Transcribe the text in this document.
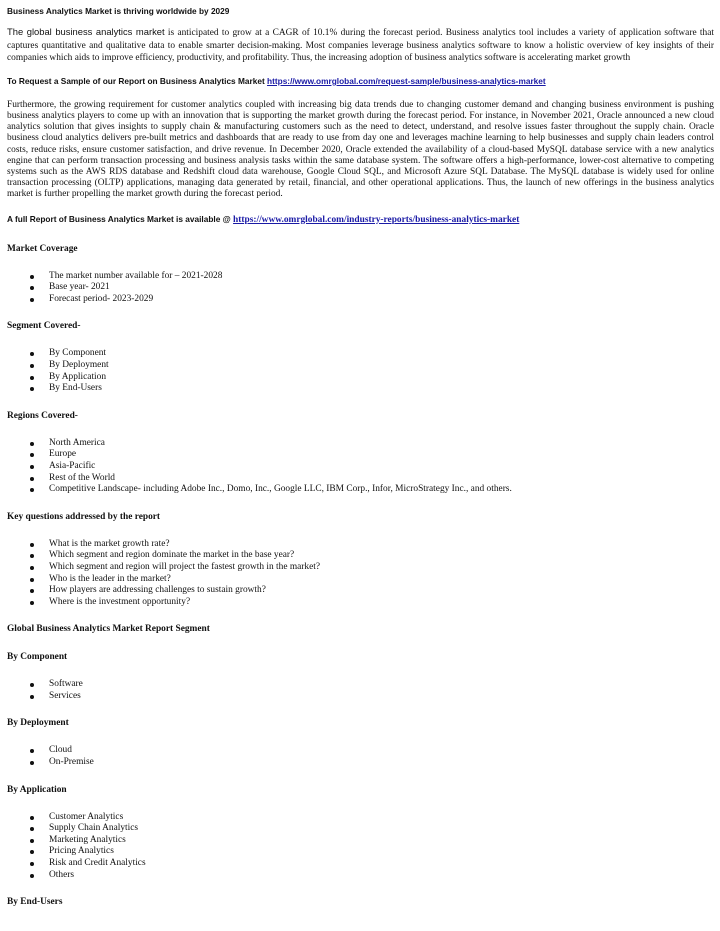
Business Analytics Market is thriving worldwide by 2029

The global business analytics market is anticipated to grow at a CAGR of 10.1% during the forecast period. Business analytics tool includes a variety of application software that captures quantitative and qualitative data to enable smarter decision-making. Most companies leverage business analytics software to know a holistic overview of key insights of their companies which aids to improve efficiency, productivity, and profitability. Thus, the increasing adoption of business analytics software is accelerating market growth

To Request a Sample of our Report on Business Analytics Market https://www.omrglobal.com/request-sample/business-analytics-market

Furthermore, the growing requirement for customer analytics coupled with increasing big data trends due to changing customer demand and changing business environment is pushing business analytics players to come up with an innovation that is supporting the market growth during the forecast period. For instance, in November 2021, Oracle announced a new cloud analytics solution that gives insights to supply chain & manufacturing customers such as the need to detect, understand, and resolve issues faster throughout the supply chain. Oracle business cloud analytics delivers pre-built metrics and dashboards that are ready to use from day one and leverages machine learning to help businesses and supply chain leaders control costs, reduce risks, ensure customer satisfaction, and drive revenue. In December 2020, Oracle extended the availability of a cloud-based MySQL database service with a new analytics engine that can perform transaction processing and business analysis tasks within the same database system. The software offers a high-performance, lower-cost alternative to competing systems such as the AWS RDS database and Redshift cloud data warehouse, Google Cloud SQL, and Microsoft Azure SQL Database. The MySQL database is widely used for online transaction processing (OLTP) applications, managing data generated by retail, financial, and other operational applications. Thus, the launch of new offerings in the business analytics market is further propelling the market growth during the forecast period.

A full Report of Business Analytics Market is available @ https://www.omrglobal.com/industry-reports/business-analytics-market

Market Coverage
The market number available for – 2021-2028
Base year- 2021
Forecast period- 2023-2029
Segment Covered-
By Component
By Deployment
By Application
By End-Users
Regions Covered-
North America
Europe
Asia-Pacific
Rest of the World
Competitive Landscape- including Adobe Inc., Domo, Inc., Google LLC, IBM Corp., Infor, MicroStrategy Inc., and others.
Key questions addressed by the report
What is the market growth rate?
Which segment and region dominate the market in the base year?
Which segment and region will project the fastest growth in the market?
Who is the leader in the market?
How players are addressing challenges to sustain growth?
Where is the investment opportunity?
Global Business Analytics Market Report Segment
By Component
Software
Services
By Deployment
Cloud
On-Premise
By Application
Customer Analytics
Supply Chain Analytics
Marketing Analytics
Pricing Analytics
Risk and Credit Analytics
Others
By End-Users
